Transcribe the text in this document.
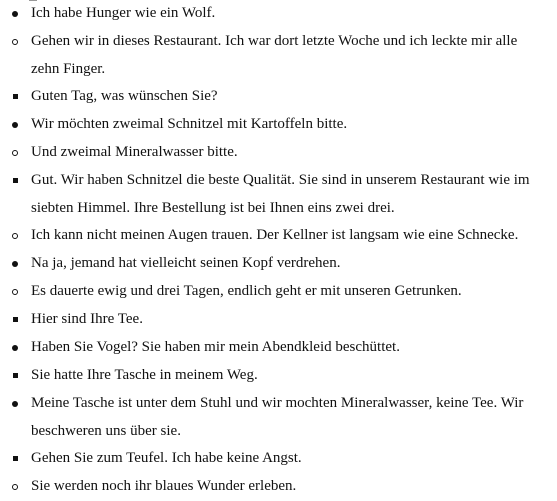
Ich habe Hunger wie ein Wolf.
Gehen wir in dieses Restaurant. Ich war dort letzte Woche und ich leckte mir alle zehn Finger.
Guten Tag, was wünschen Sie?
Wir möchten zweimal Schnitzel mit Kartoffeln bitte.
Und zweimal Mineralwasser bitte.
Gut. Wir haben Schnitzel die beste Qualität. Sie sind in unserem Restaurant wie im siebten Himmel. Ihre Bestellung ist bei Ihnen eins zwei drei.
Ich kann nicht meinen Augen trauen. Der Kellner ist langsam wie eine Schnecke.
Na ja, jemand hat vielleicht seinen Kopf verdrehen.
Es dauerte ewig und drei Tagen, endlich geht er mit unseren Getrunken.
Hier sind Ihre Tee.
Haben Sie Vogel? Sie haben mir mein Abendkleid beschüttet.
Sie hatte Ihre Tasche in meinem Weg.
Meine Tasche ist unter dem Stuhl und wir mochten Mineralwasser, keine Tee. Wir beschweren uns über sie.
Gehen Sie zum Teufel. Ich habe keine Angst.
Sie werden noch ihr blaues Wunder erleben.
